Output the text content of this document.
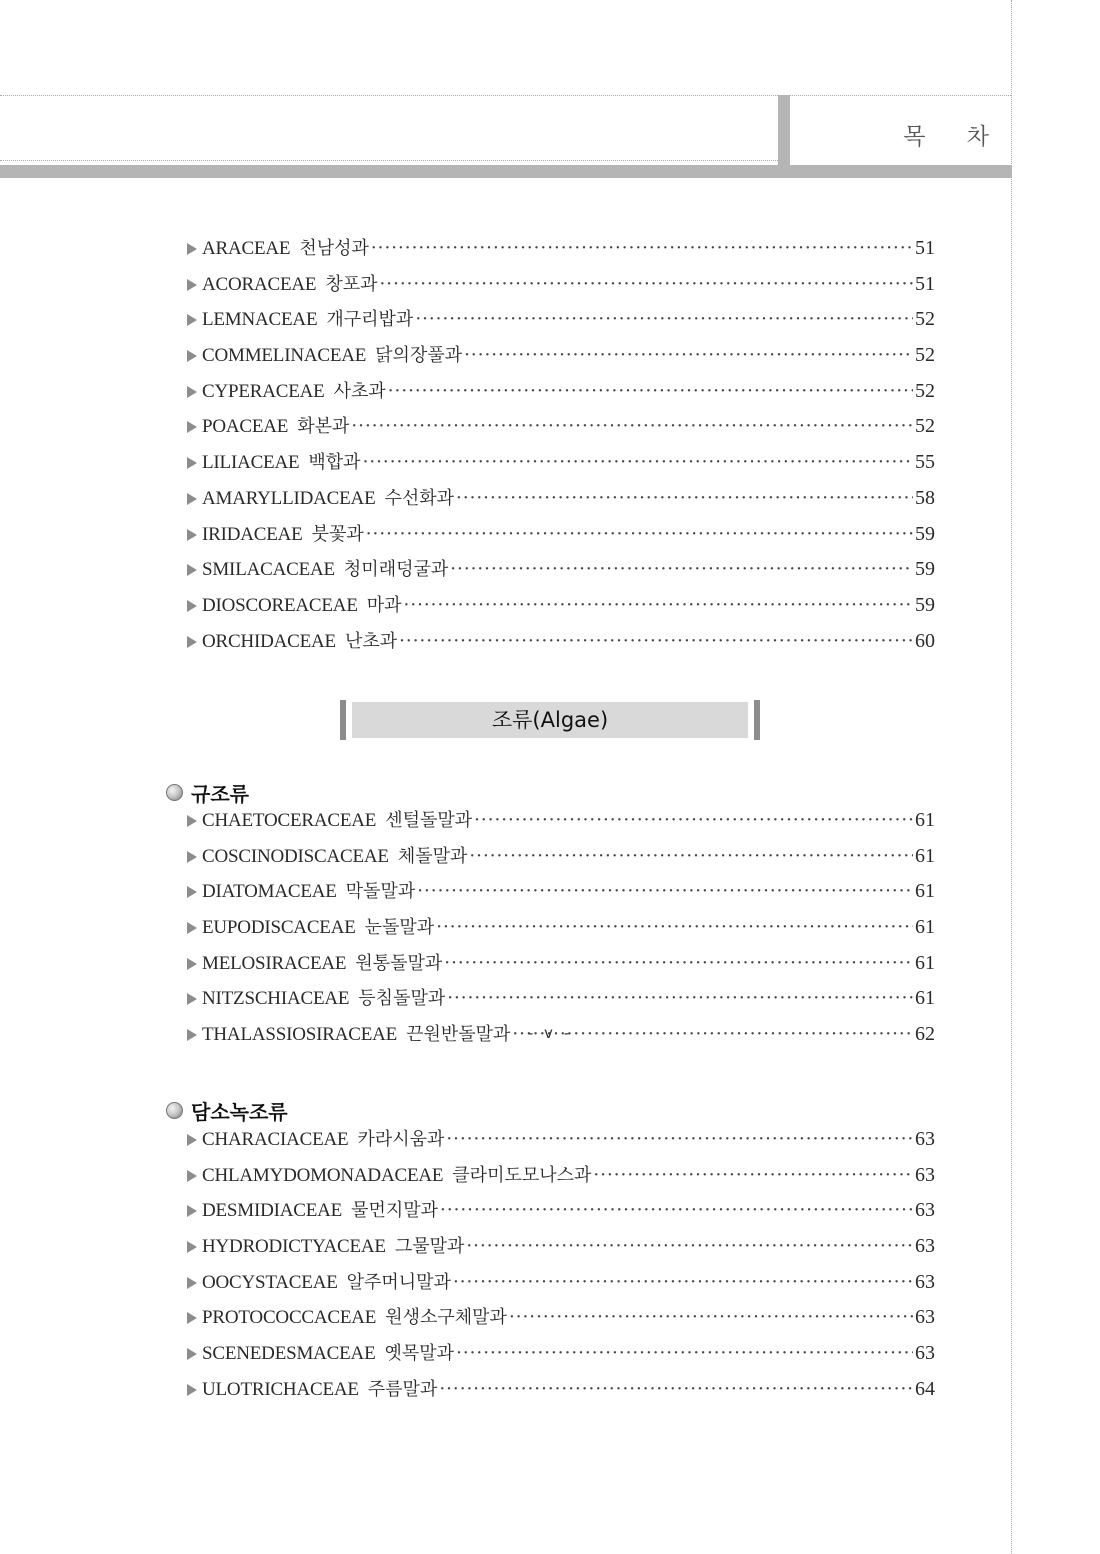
목 차
ARACEAE 천남성과 ·····	51
ACORACEAE 창포과 ·····	51
LEMNACEAE 개구리밥과 ·····	52
COMMELINACEAE 닭의장풀과 ·····	52
CYPERACEAE 사초과 ·····	52
POACEAE 화본과 ·····	52
LILIACEAE 백합과 ·····	55
AMARYLLIDACEAE 수선화과 ·····	58
IRIDACEAE 붓꽃과 ·····	59
SMILACACEAE 청미래덩굴과 ·····	59
DIOSCOREACEAE 마과 ·····	59
ORCHIDACEAE 난초과 ·····	60
조류(Algae)
규조류
CHAETOCERACEAE 센털돌말과 ·····	61
COSCINODISCACEAE 체돌말과 ·····	61
DIATOMACEAE 막돌말과 ·····	61
EUPODISCACEAE 눈돌말과 ·····	61
MELOSIRACEAE 원통돌말과 ·····	61
NITZSCHIACEAE 등침돌말과 ·····	61
THALASSIOSIRACEAE 끈원반돌말과 ·····	62
담소녹조류
CHARACIACEAE 카라시움과 ·····	63
CHLAMYDOMONADACEAE 클라미도모나스과 ·····	63
DESMIDIACEAE 물먼지말과 ·····	63
HYDRODICTYACEAE 그물말과 ·····	63
OOCYSTACEAE 알주머니말과 ·····	63
PROTOCOCCACEAE 원생소구체말과 ·····	63
SCENEDESMACEAE 옛목말과 ·····	63
ULOTRICHACEAE 주름말과 ·····	64
- v -
